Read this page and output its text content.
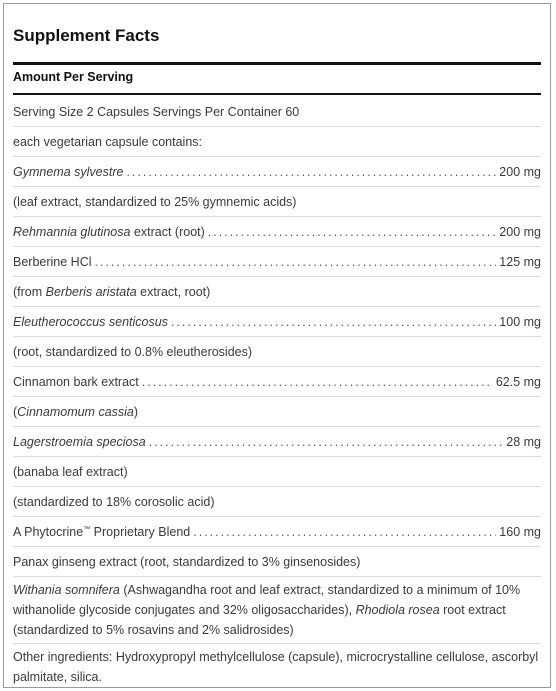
Supplement Facts
Amount Per Serving
Serving Size 2 Capsules Servings Per Container 60
each vegetarian capsule contains:
Gymnema sylvestre .....	200 mg
(leaf extract, standardized to 25% gymnemic acids)
Rehmannia glutinosa extract (root) .....	200 mg
Berberine HCl .....	125 mg
(from Berberis aristata extract, root)
Eleutherococcus senticosus .....	100 mg
(root, standardized to 0.8% eleutherosides)
Cinnamon bark extract .....	62.5 mg
(Cinnamomum cassia)
Lagerstroemia speciosa .....	28 mg
(banaba leaf extract)
(standardized to 18% corosolic acid)
A Phytocrine™ Proprietary Blend .....	160 mg
Panax ginseng extract (root, standardized to 3% ginsenosides)
Withania somnifera (Ashwagandha root and leaf extract, standardized to a minimum of 10% withanolide glycoside conjugates and 32% oligosaccharides), Rhodiola rosea root extract (standardized to 5% rosavins and 2% salidrosides)
Other ingredients: Hydroxypropyl methylcellulose (capsule), microcrystalline cellulose, ascorbyl palmitate, silica.
